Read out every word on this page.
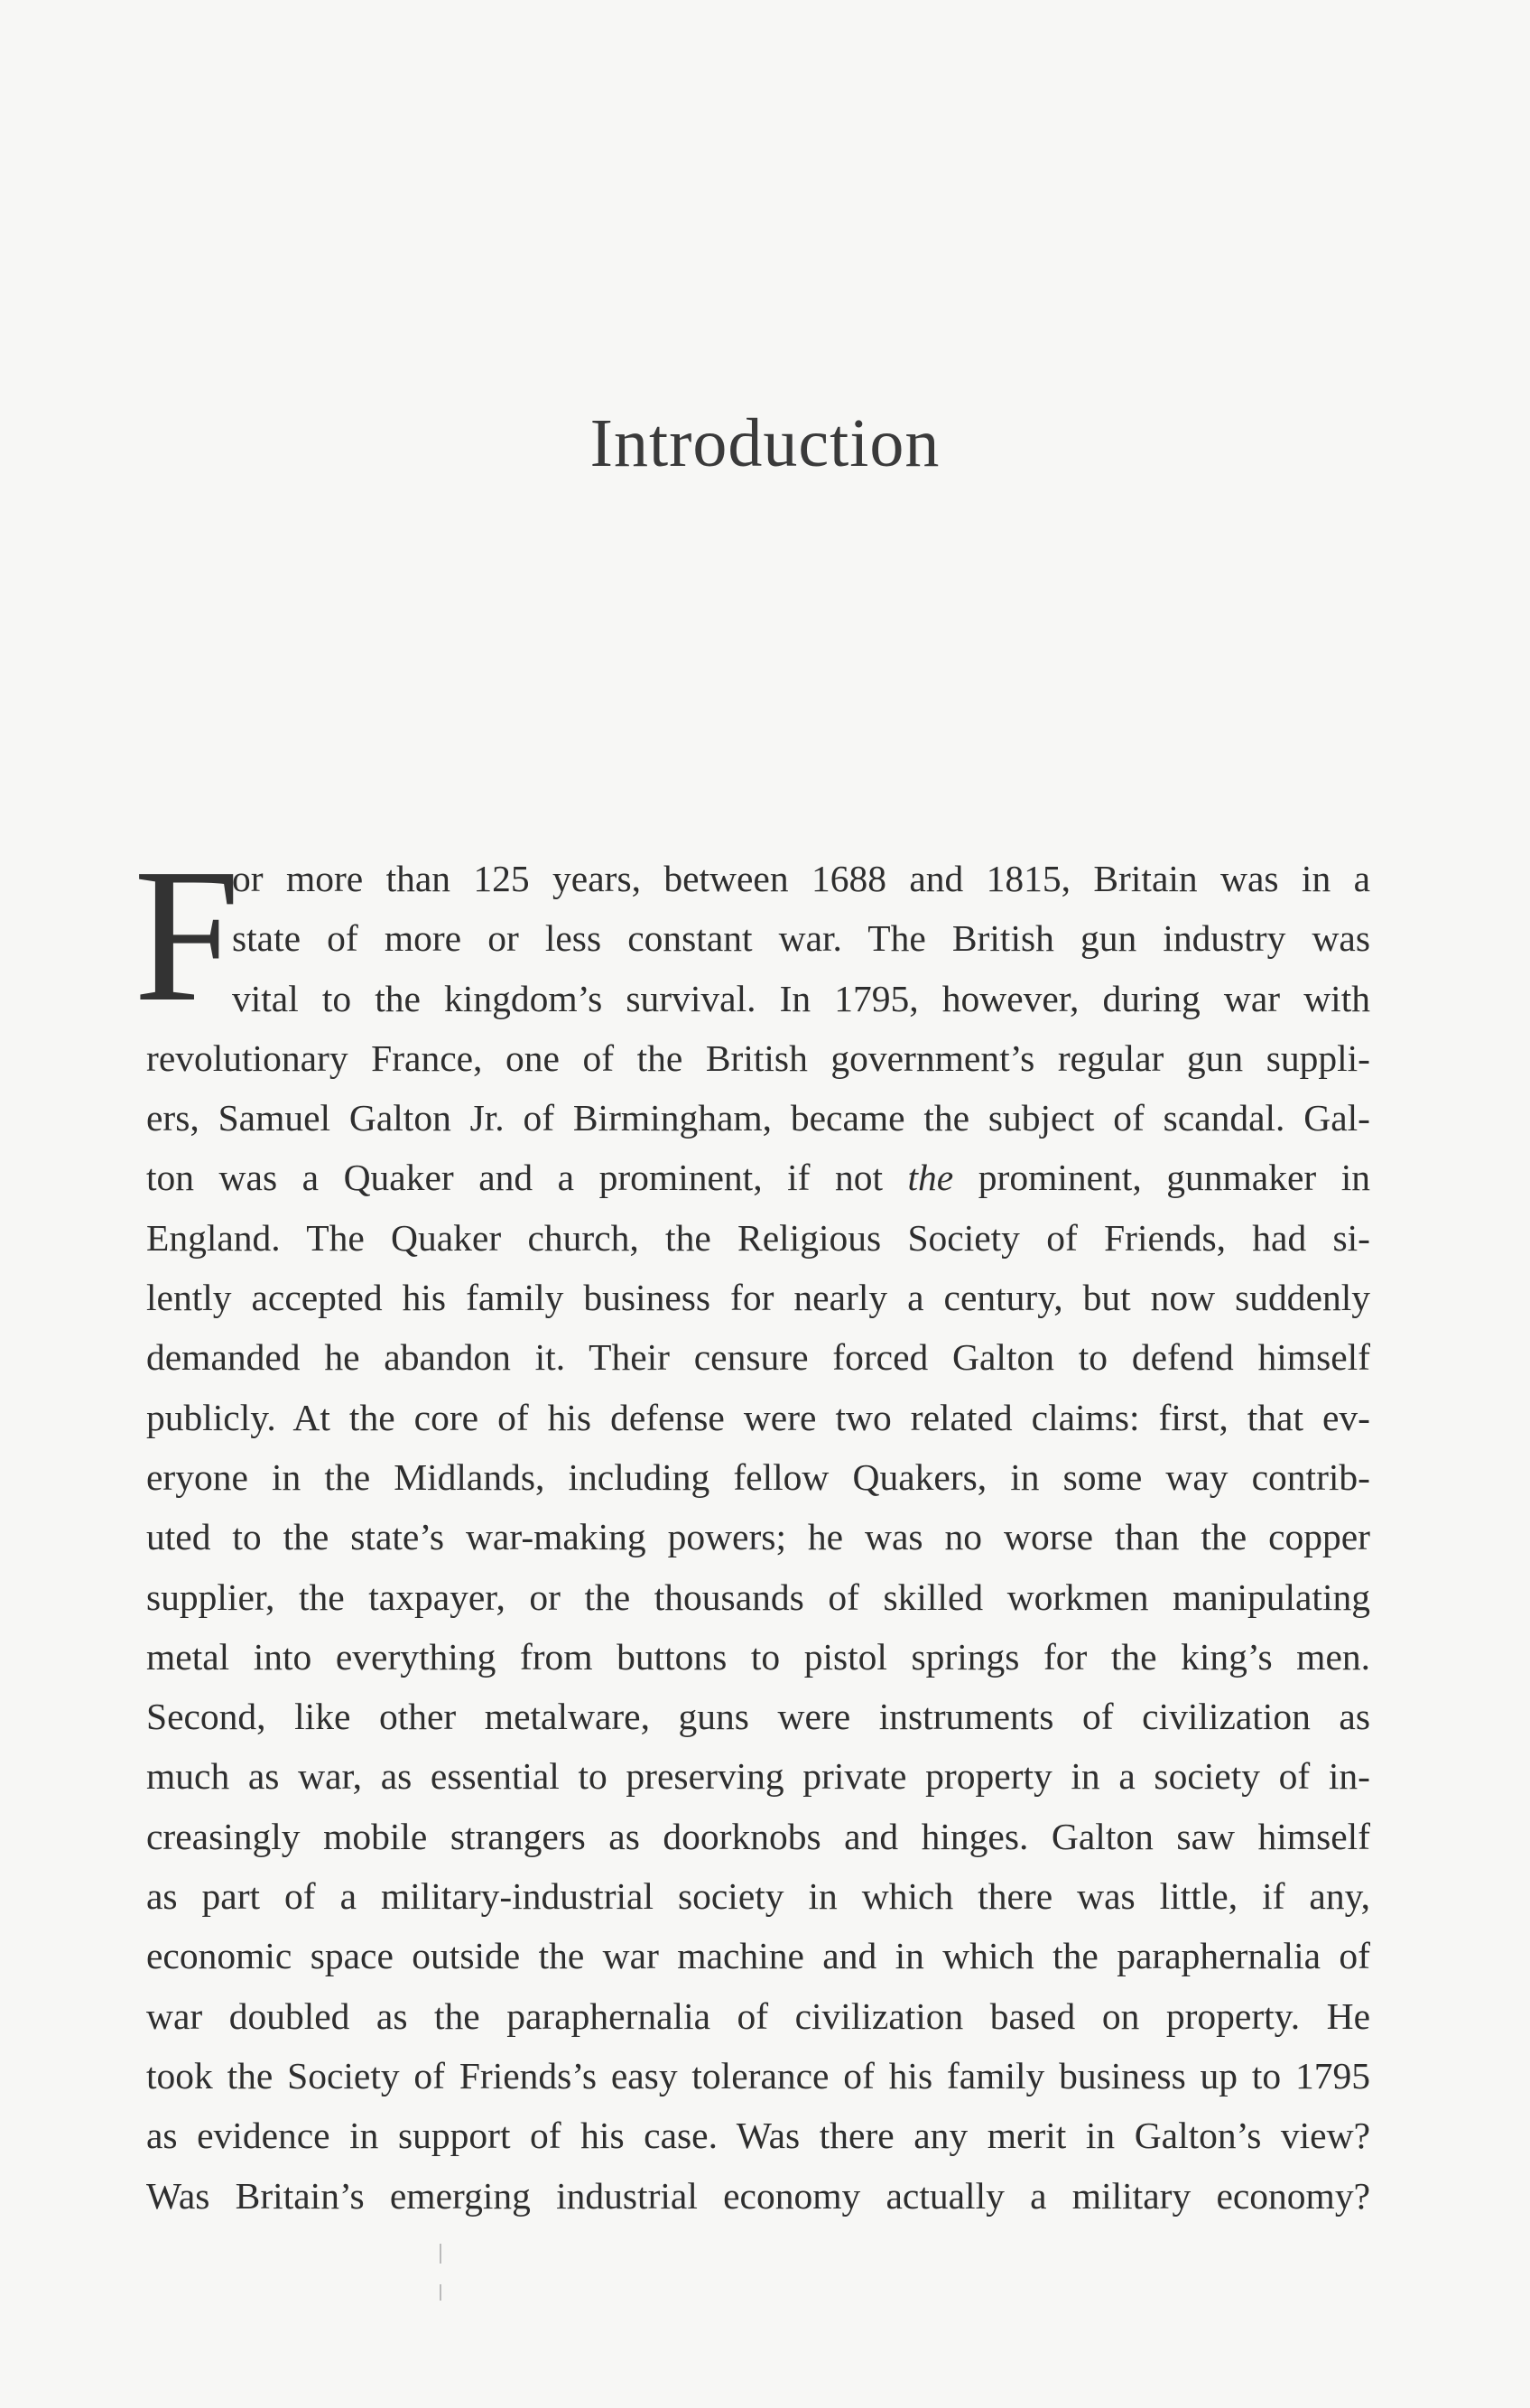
Introduction
F
or more than 125 years, between 1688 and 1815, Britain was in a
state of more or less constant war. The British gun industry was
vital to the kingdom’s survival. In 1795, however, during war with
revolutionary France, one of the British government’s regular gun suppli-
ers, Samuel Galton Jr. of Birmingham, became the subject of scandal. Gal-
ton was a Quaker and a prominent, if not the prominent, gunmaker in
England. The Quaker church, the Religious Society of Friends, had si-
lently accepted his family business for nearly a century, but now suddenly
demanded he abandon it. Their censure forced Galton to defend himself
publicly. At the core of his defense were two related claims: first, that ev-
eryone in the Midlands, including fellow Quakers, in some way contrib-
uted to the state’s war-making powers; he was no worse than the copper
supplier, the taxpayer, or the thousands of skilled workmen manipulating
metal into everything from buttons to pistol springs for the king’s men.
Second, like other metalware, guns were instruments of civilization as
much as war, as essential to preserving private property in a society of in-
creasingly mobile strangers as doorknobs and hinges. Galton saw himself
as part of a military-industrial society in which there was little, if any,
economic space outside the war machine and in which the paraphernalia of
war doubled as the paraphernalia of civilization based on property. He
took the Society of Friends’s easy tolerance of his family business up to 1795
as evidence in support of his case. Was there any merit in Galton’s view?
Was Britain’s emerging industrial economy actually a military economy?
